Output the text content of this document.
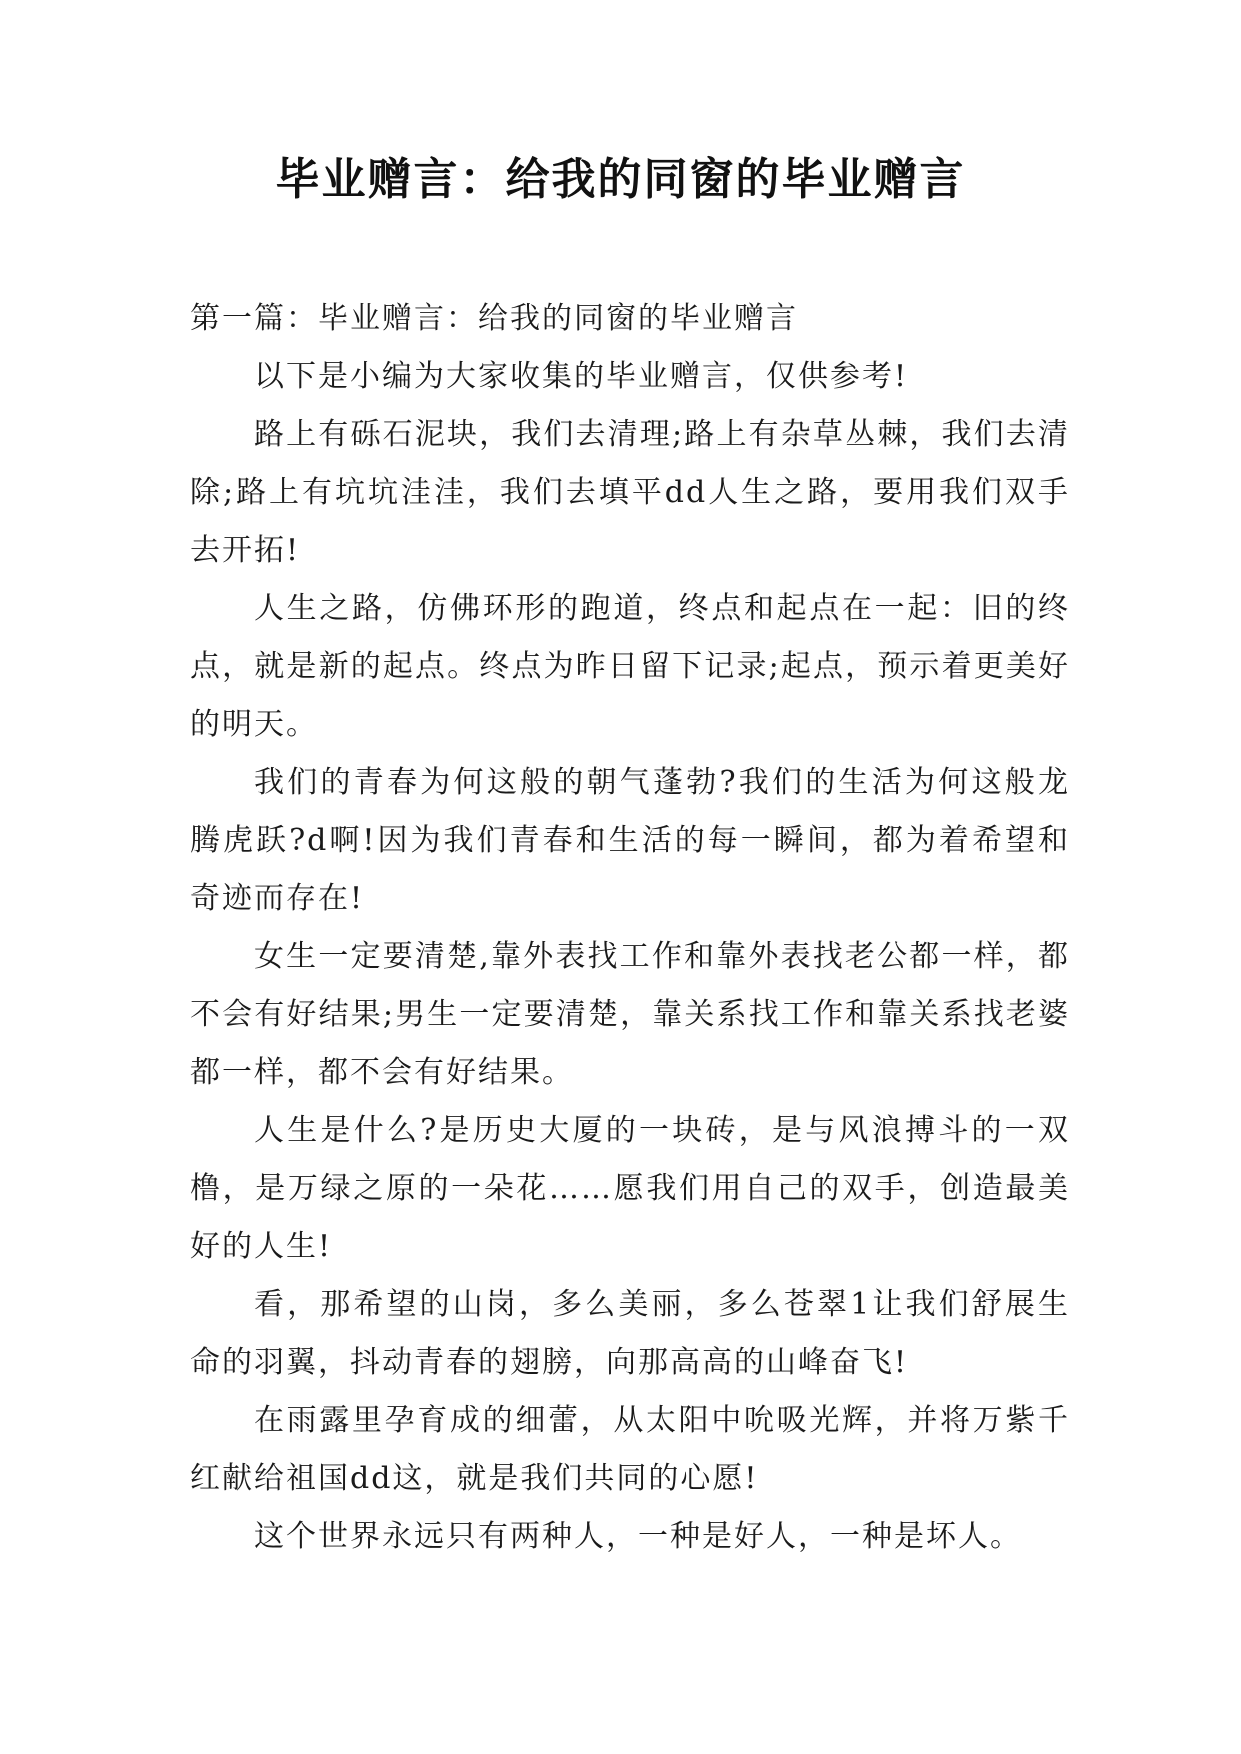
毕业赠言：给我的同窗的毕业赠言

第一篇：毕业赠言：给我的同窗的毕业赠言

以下是小编为大家收集的毕业赠言，仅供参考!

路上有砾石泥块，我们去清理;路上有杂草丛棘，我们去清除;路上有坑坑洼洼，我们去填平dd人生之路，要用我们双手去开拓!

人生之路，仿佛环形的跑道，终点和起点在一起：旧的终点，就是新的起点。终点为昨日留下记录;起点，预示着更美好的明天。

我们的青春为何这般的朝气蓬勃?我们的生活为何这般龙腾虎跃?d啊!因为我们青春和生活的每一瞬间，都为着希望和奇迹而存在!

女生一定要清楚,靠外表找工作和靠外表找老公都一样，都不会有好结果;男生一定要清楚，靠关系找工作和靠关系找老婆都一样，都不会有好结果。

人生是什么?是历史大厦的一块砖，是与风浪搏斗的一双橹，是万绿之原的一朵花……愿我们用自己的双手，创造最美好的人生!

看，那希望的山岗，多么美丽，多么苍翠1让我们舒展生命的羽翼，抖动青春的翅膀，向那高高的山峰奋飞!

在雨露里孕育成的细蕾，从太阳中吮吸光辉，并将万紫千红献给祖国dd这，就是我们共同的心愿!

这个世界永远只有两种人，一种是好人，一种是坏人。
